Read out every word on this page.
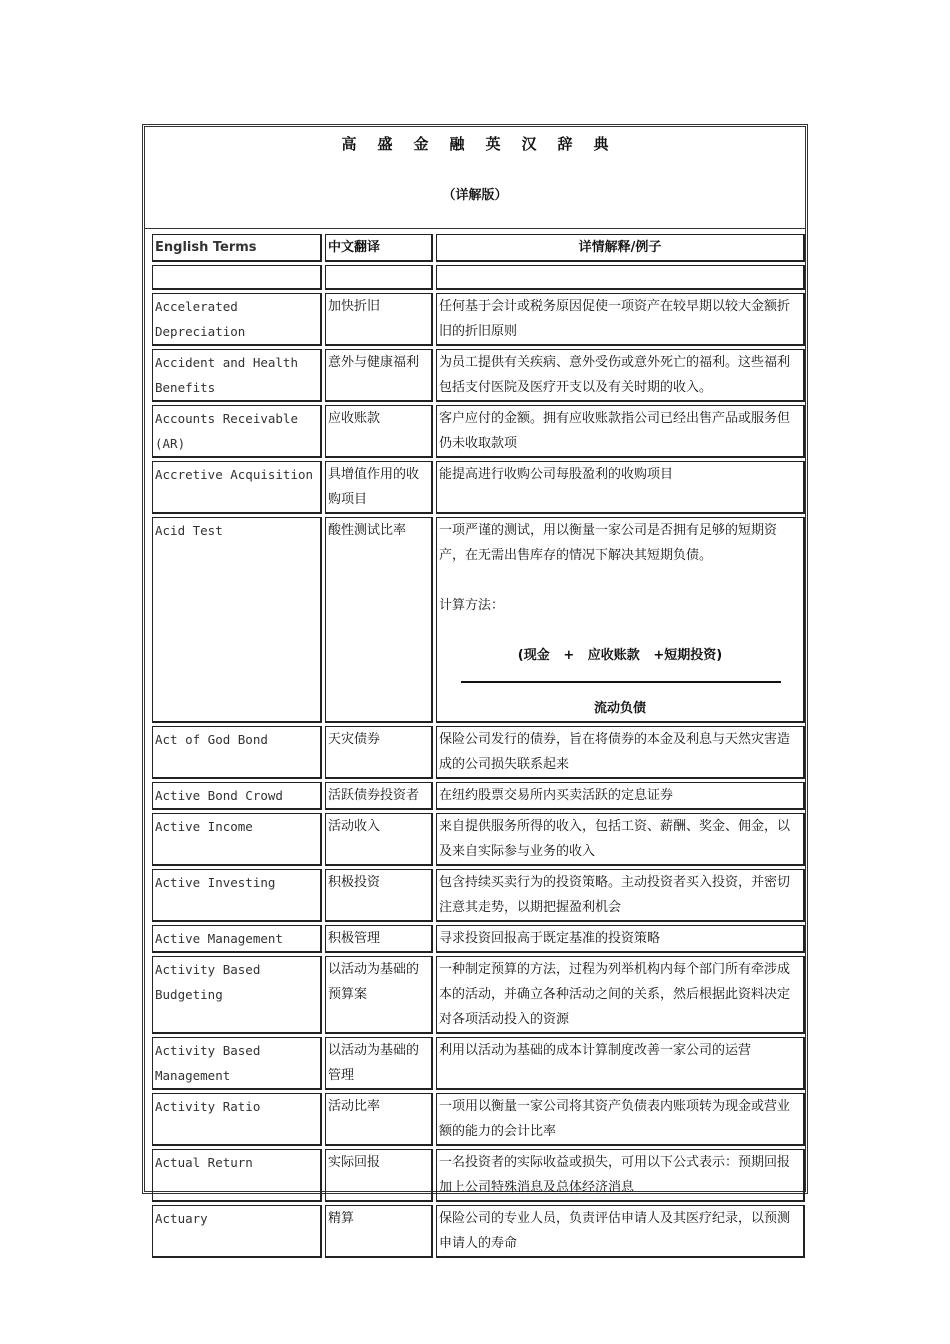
高盛金融英汉辞典
（详解版）
English Terms	中文翻译	详情解释/例子

Accelerated Depreciation	加快折旧	任何基于会计或税务原因促使一项资产在较早期以较大金额折旧的折旧原则
Accident and Health Benefits	意外与健康福利	为员工提供有关疾病、意外受伤或意外死亡的福利。这些福利包括支付医院及医疗开支以及有关时期的收入。
Accounts Receivable (AR)	应收账款	客户应付的金额。拥有应收账款指公司已经出售产品或服务但仍未收取款项
Accretive Acquisition	具增值作用的收购项目	能提高进行收购公司每股盈利的收购项目
Acid Test	酸性测试比率	一项严谨的测试，用以衡量一家公司是否拥有足够的短期资产，在无需出售库存的情况下解决其短期负债。
计算方法：
(现金   +   应收账款   +短期投资)
流动负债

Act of God Bond	天灾债券	保险公司发行的债券，旨在将债券的本金及利息与天然灾害造成的公司损失联系起来
Active Bond Crowd	活跃债券投资者	在纽约股票交易所内买卖活跃的定息证券
Active Income	活动收入	来自提供服务所得的收入，包括工资、薪酬、奖金、佣金，以及来自实际参与业务的收入
Active Investing	积极投资	包含持续买卖行为的投资策略。主动投资者买入投资，并密切注意其走势，以期把握盈利机会
Active Management	积极管理	寻求投资回报高于既定基准的投资策略
Activity Based Budgeting	以活动为基础的预算案	一种制定预算的方法，过程为列举机构内每个部门所有牵涉成本的活动，并确立各种活动之间的关系，然后根据此资料决定对各项活动投入的资源
Activity Based Management	以活动为基础的管理	利用以活动为基础的成本计算制度改善一家公司的运营
Activity Ratio	活动比率	一项用以衡量一家公司将其资产负债表内账项转为现金或营业额的能力的会计比率
Actual Return	实际回报	一名投资者的实际收益或损失，可用以下公式表示：预期回报加上公司特殊消息及总体经济消息
Actuary	精算	保险公司的专业人员，负责评估申请人及其医疗纪录，以预测申请人的寿命
